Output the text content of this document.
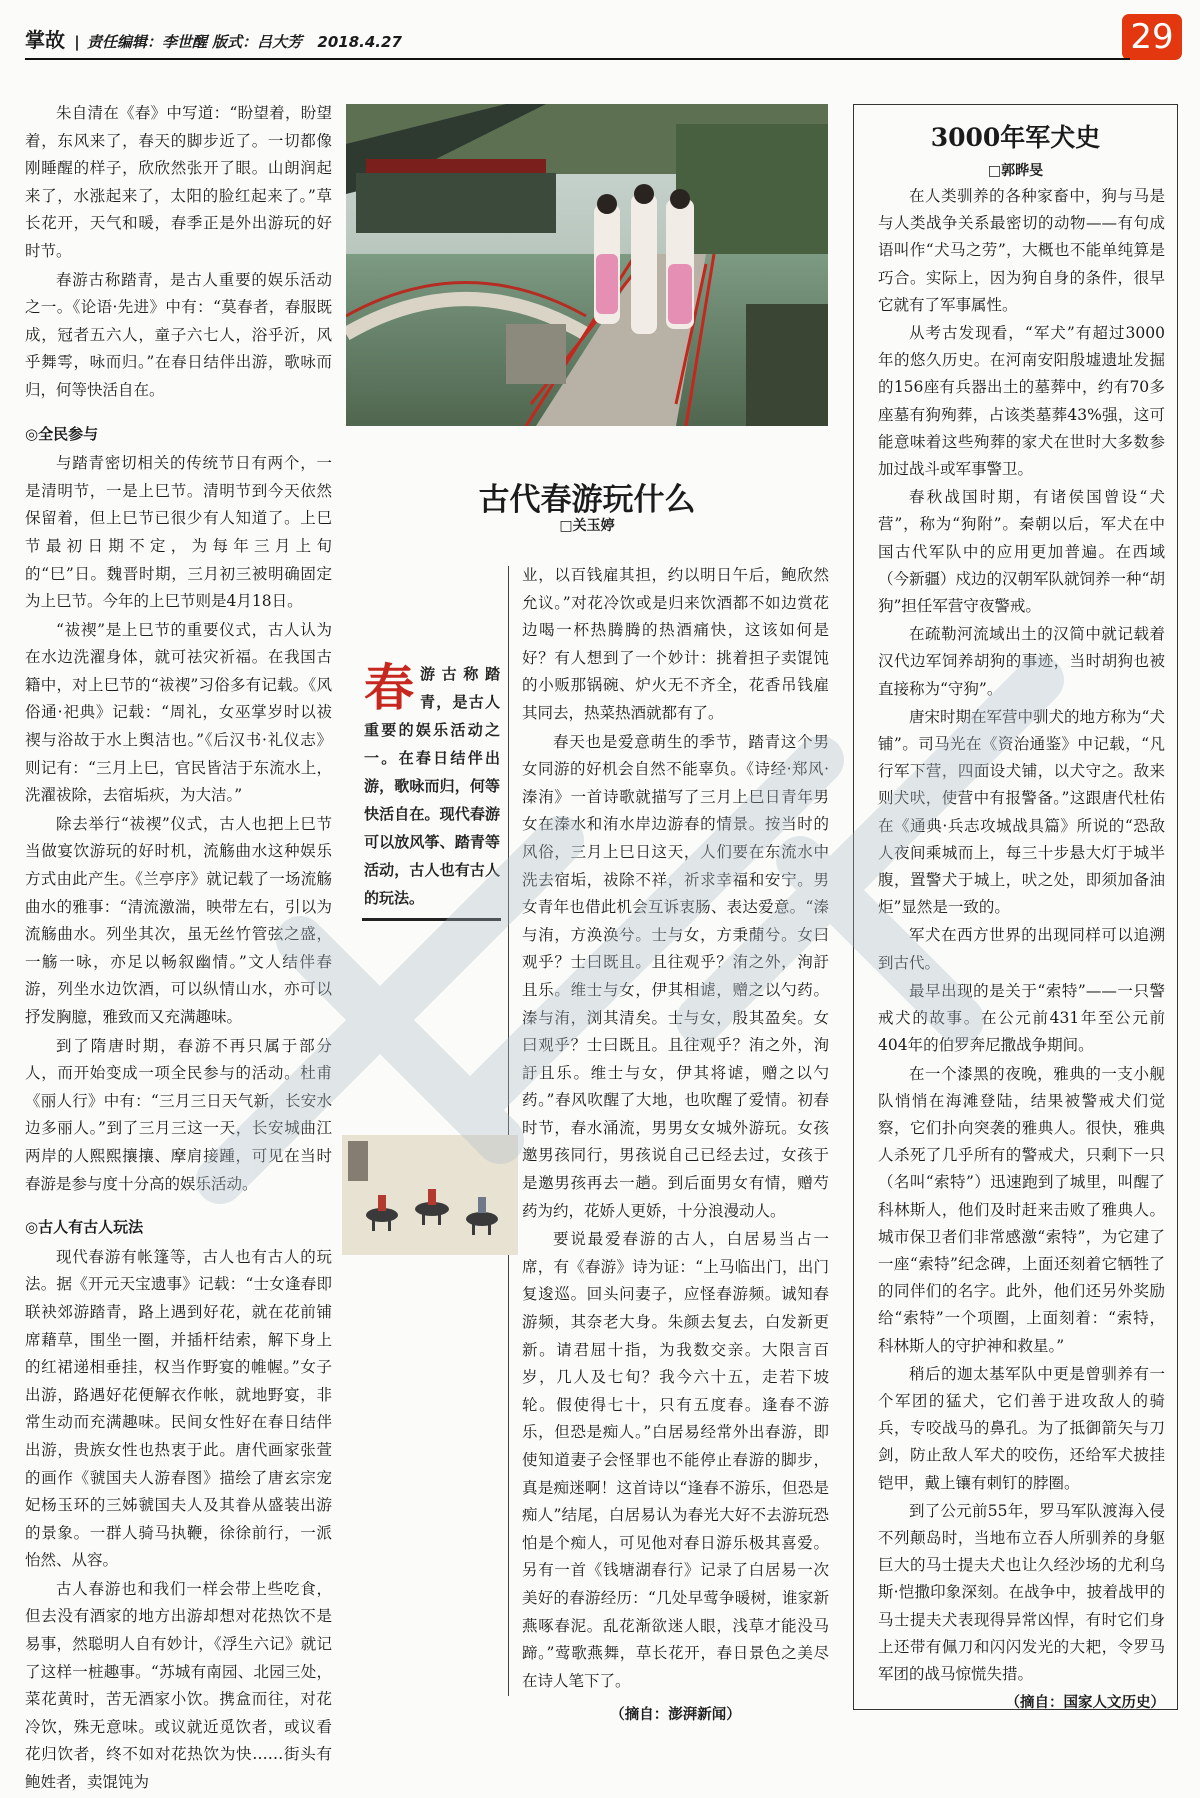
掌故 | 责任编辑：李世醒 版式：吕大芳 2018.4.27	29

朱自清在《春》中写道：“盼望着，盼望着，东风来了，春天的脚步近了。一切都像刚睡醒的样子，欣欣然张开了眼。山朗润起来了，水涨起来了，太阳的脸红起来了。”草长花开，天气和暖，春季正是外出游玩的好时节。

春游古称踏青，是古人重要的娱乐活动之一。《论语·先进》中有：“莫春者，春服既成，冠者五六人，童子六七人，浴乎沂，风乎舞雩，咏而归。”在春日结伴出游，歌咏而归，何等快活自在。

◎全民参与

与踏青密切相关的传统节日有两个，一是清明节，一是上巳节。清明节到今天依然保留着，但上巳节已很少有人知道了。上巳节最初日期不定，为每年三月上旬的“巳”日。魏晋时期，三月初三被明确固定为上巳节。今年的上巳节则是4月18日。

“祓禊”是上巳节的重要仪式，古人认为在水边洗濯身体，就可祛灾祈福。在我国古籍中，对上巳节的“祓禊”习俗多有记载。《风俗通·祀典》记载：“周礼，女巫掌岁时以祓禊与浴故于水上舆洁也。”《后汉书·礼仪志》则记有：“三月上巳，官民皆洁于东流水上，洗濯祓除，去宿垢疢，为大洁。”

除去举行“祓禊”仪式，古人也把上巳节当做宴饮游玩的好时机，流觞曲水这种娱乐方式由此产生。《兰亭序》就记载了一场流觞曲水的雅事：“清流激湍，映带左右，引以为流觞曲水。列坐其次，虽无丝竹管弦之盛，一觞一咏，亦足以畅叙幽情。”文人结伴春游，列坐水边饮酒，可以纵情山水，亦可以抒发胸臆，雅致而又充满趣味。

到了隋唐时期，春游不再只属于部分人，而开始变成一项全民参与的活动。杜甫《丽人行》中有：“三月三日天气新，长安水边多丽人。”到了三月三这一天，长安城曲江两岸的人熙熙攘攘、摩肩接踵，可见在当时春游是参与度十分高的娱乐活动。

◎古人有古人玩法

现代春游有帐篷等，古人也有古人的玩法。据《开元天宝遗事》记载：“士女逢春即联袂郊游踏青，路上遇到好花，就在花前铺席藉草，围坐一圈，并插杆结索，解下身上的红裙递相垂挂，权当作野宴的帷幄。”女子出游，路遇好花便解衣作帐，就地野宴，非常生动而充满趣味。民间女性好在春日结伴出游，贵族女性也热衷于此。唐代画家张萱的画作《虢国夫人游春图》描绘了唐玄宗宠妃杨玉环的三姊虢国夫人及其眷从盛装出游的景象。一群人骑马执鞭，徐徐前行，一派怡然、从容。

古人春游也和我们一样会带上些吃食，但去没有酒家的地方出游却想对花热饮不是易事，然聪明人自有妙计，《浮生六记》就记了这样一桩趣事。“苏城有南园、北园三处，菜花黄时，苦无酒家小饮。携盒而往，对花冷饮，殊无意味。或议就近觅饮者，或议看花归饮者，终不如对花热饮为快……街头有鲍姓者，卖馄饨为

古代春游玩什么
□关玉婷
春 游古称踏青，是古人重要的娱乐活动之一。在春日结伴出游，歌咏而归，何等快活自在。现代春游可以放风筝、踏青等活动，古人也有古人的玩法。

业，以百钱雇其担，约以明日午后，鲍欣然允议。”对花冷饮或是归来饮酒都不如边赏花边喝一杯热腾腾的热酒痛快，这该如何是好？有人想到了一个妙计：挑着担子卖馄饨的小贩那锅碗、炉火无不齐全，花香吊钱雇其同去，热菜热酒就都有了。

春天也是爱意萌生的季节，踏青这个男女同游的好机会自然不能辜负。《诗经·郑风·溱洧》一首诗歌就描写了三月上巳日青年男女在溱水和洧水岸边游春的情景。按当时的风俗，三月上巳日这天，人们要在东流水中洗去宿垢，祓除不祥，祈求幸福和安宁。男女青年也借此机会互诉衷肠、表达爱意。“溱与洧，方涣涣兮。士与女，方秉蕑兮。女曰观乎？士曰既且。且往观乎？洧之外，洵訏且乐。维士与女，伊其相谑，赠之以勺药。溱与洧，浏其清矣。士与女，殷其盈矣。女曰观乎？士曰既且。且往观乎？洧之外，洵訏且乐。维士与女，伊其将谑，赠之以勺药。”春风吹醒了大地，也吹醒了爱情。初春时节，春水涌流，男男女女城外游玩。女孩邀男孩同行，男孩说自己已经去过，女孩于是邀男孩再去一趟。到后面男女有情，赠芍药为约，花娇人更娇，十分浪漫动人。

要说最爱春游的古人，白居易当占一席，有《春游》诗为证：“上马临出门，出门复逡巡。回头问妻子，应怪春游频。诚知春游频，其奈老大身。朱颜去复去，白发新更新。请君屈十指，为我数交亲。大限言百岁，几人及七旬？我今六十五，走若下坡轮。假使得七十，只有五度春。逢春不游乐，但恐是痴人。”白居易经常外出春游，即使知道妻子会怪罪也不能停止春游的脚步，真是痴迷啊！这首诗以“逢春不游乐，但恐是痴人”结尾，白居易认为春光大好不去游玩恐怕是个痴人，可见他对春日游乐极其喜爱。另有一首《钱塘湖春行》记录了白居易一次美好的春游经历：“几处早莺争暖树，谁家新燕啄春泥。乱花渐欲迷人眼，浅草才能没马蹄。”莺歌燕舞，草长花开，春日景色之美尽在诗人笔下了。

（摘自：澎湃新闻）
3000年军犬史
□郭晔旻

在人类驯养的各种家畜中，狗与马是与人类战争关系最密切的动物——有句成语叫作“犬马之劳”，大概也不能单纯算是巧合。实际上，因为狗自身的条件，很早它就有了军事属性。

从考古发现看，“军犬”有超过3000年的悠久历史。在河南安阳殷墟遗址发掘的156座有兵器出土的墓葬中，约有70多座墓有狗殉葬，占该类墓葬43%强，这可能意味着这些殉葬的家犬在世时大多数参加过战斗或军事警卫。

春秋战国时期，有诸侯国曾设“犬营”，称为“狗附”。秦朝以后，军犬在中国古代军队中的应用更加普遍。在西域（今新疆）戍边的汉朝军队就饲养一种“胡狗”担任军营守夜警戒。

在疏勒河流域出土的汉简中就记载着汉代边军饲养胡狗的事迹，当时胡狗也被直接称为“守狗”。

唐宋时期在军营中驯犬的地方称为“犬铺”。司马光在《资治通鉴》中记载，“凡行军下营，四面设犬铺，以犬守之。敌来则犬吠，使营中有报警备。”这跟唐代杜佑在《通典·兵志攻城战具篇》所说的“恐敌人夜间乘城而上，每三十步悬大灯于城半腹，置警犬于城上，吠之处，即须加备油炬”显然是一致的。

军犬在西方世界的出现同样可以追溯到古代。

最早出现的是关于“索特”——一只警戒犬的故事。在公元前431年至公元前404年的伯罗奔尼撒战争期间。

在一个漆黑的夜晚，雅典的一支小舰队悄悄在海滩登陆，结果被警戒犬们觉察，它们扑向突袭的雅典人。很快，雅典人杀死了几乎所有的警戒犬，只剩下一只（名叫“索特”）迅速跑到了城里，叫醒了科林斯人，他们及时赶来击败了雅典人。城市保卫者们非常感激“索特”，为它建了一座“索特”纪念碑，上面还刻着它牺牲了的同伴们的名字。此外，他们还另外奖励给“索特”一个项圈，上面刻着：“索特，科林斯人的守护神和救星。”

稍后的迦太基军队中更是曾驯养有一个军团的猛犬，它们善于进攻敌人的骑兵，专咬战马的鼻孔。为了抵御箭矢与刀剑，防止敌人军犬的咬伤，还给军犬披挂铠甲，戴上镶有刺钉的脖圈。

到了公元前55年，罗马军队渡海入侵不列颠岛时，当地布立吞人所驯养的身躯巨大的马士提夫犬也让久经沙场的尤利乌斯·恺撒印象深刻。在战争中，披着战甲的马士提夫犬表现得异常凶悍，有时它们身上还带有佩刀和闪闪发光的大耙，令罗马军团的战马惊慌失措。

（摘自：国家人文历史）
